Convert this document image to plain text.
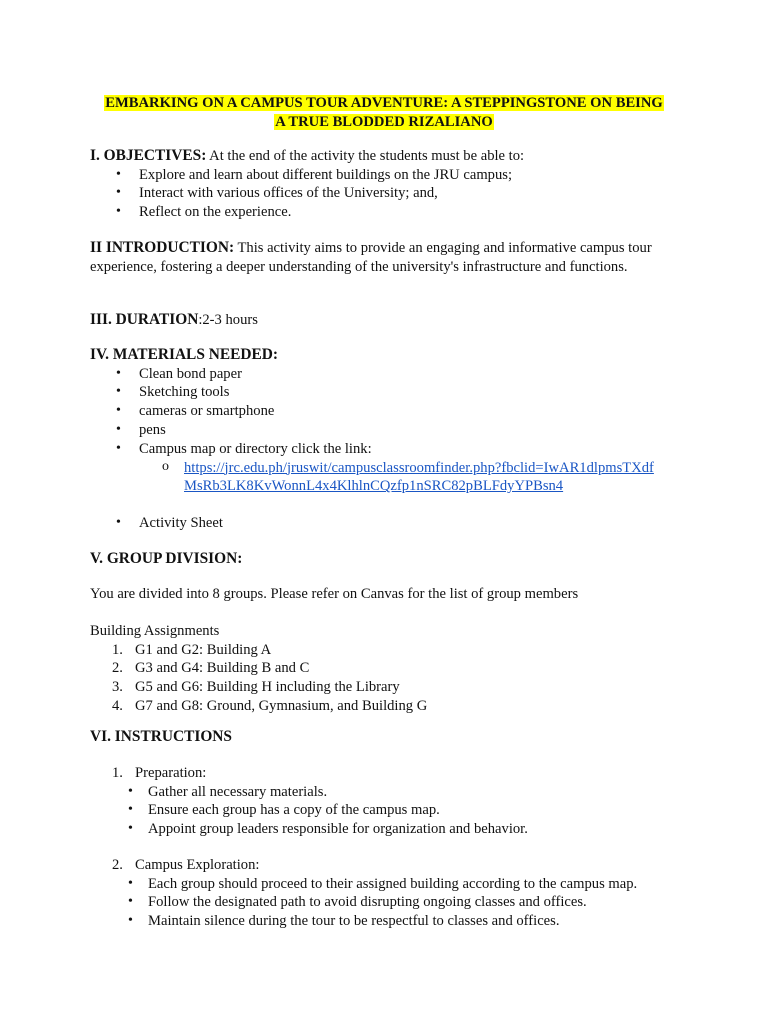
EMBARKING ON A CAMPUS TOUR ADVENTURE: A STEPPINGSTONE ON BEING
A TRUE BLODDED RIZALIANO
I. OBJECTIVES: At the end of the activity the students must be able to:
• Explore and learn about different buildings on the JRU campus;
• Interact with various offices of the University; and,
• Reflect on the experience.
II INTRODUCTION: This activity aims to provide an engaging and informative campus tour experience, fostering a deeper understanding of the university's infrastructure and functions.
III. DURATION:2-3 hours
IV. MATERIALS NEEDED:
• Clean bond paper
• Sketching tools
• cameras or smartphone
• pens
• Campus map or directory click the link:
o https://jrc.edu.ph/jruswit/campusclassroomfinder.php?fbclid=IwAR1dlpmsTXdf
MsRb3LK8KvWonnL4x4KlhlnCQzfp1nSRC82pBLFdyYPBsn4
• Activity Sheet
V. GROUP DIVISION:
You are divided into 8 groups. Please refer on Canvas for the list of group members
Building Assignments
1. G1 and G2: Building A
2. G3 and G4: Building B and C
3. G5 and G6: Building H including the Library
4. G7 and G8: Ground, Gymnasium, and Building G
VI. INSTRUCTIONS
1. Preparation:
• Gather all necessary materials.
• Ensure each group has a copy of the campus map.
• Appoint group leaders responsible for organization and behavior.
2. Campus Exploration:
• Each group should proceed to their assigned building according to the campus map.
• Follow the designated path to avoid disrupting ongoing classes and offices.
• Maintain silence during the tour to be respectful to classes and offices.
